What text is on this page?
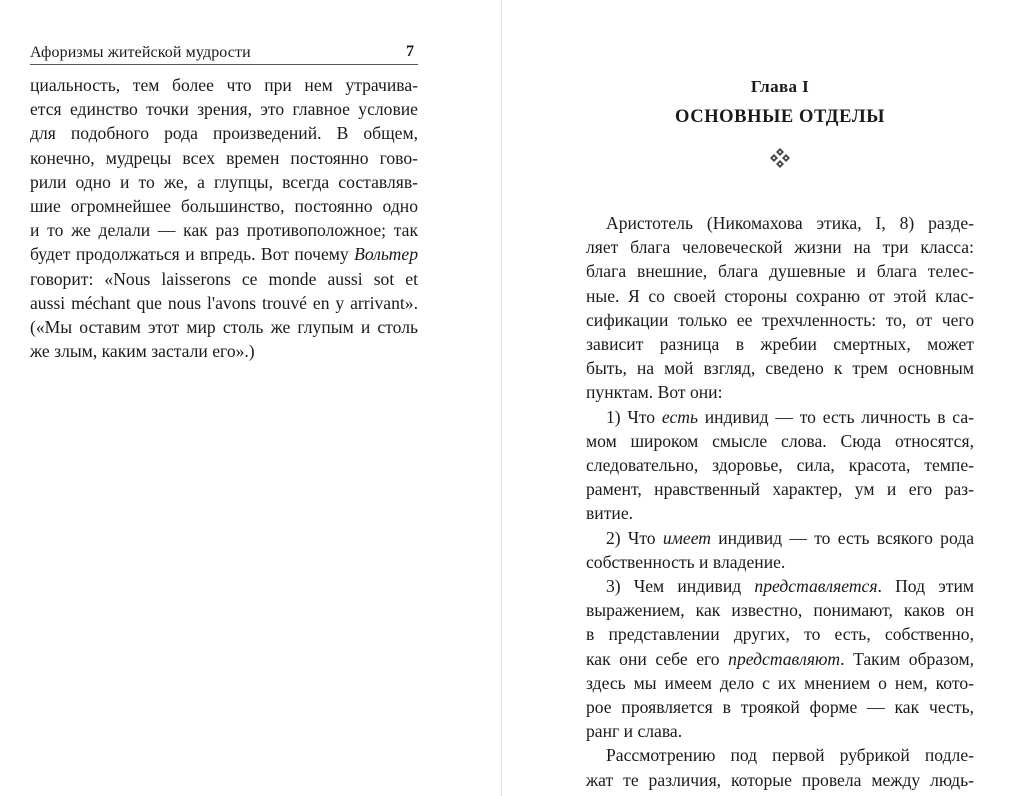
Афоризмы житейской мудрости	7
циальность, тем более что при нем утрачива-
ется единство точки зрения, это главное условие
для подобного рода произведений. В общем,
конечно, мудрецы всех времен постоянно гово-
рили одно и то же, а глупцы, всегда составляв-
шие огромнейшее большинство, постоянно одно
и то же делали — как раз противоположное; так
будет продолжаться и впредь. Вот почему Вольтер
говорит: «Nous laisserons ce monde aussi sot et
aussi méchant que nous l'avons trouvé en y arrivant».
(«Мы оставим этот мир столь же глупым и столь
же злым, каким застали его».)
Глава I
ОСНОВНЫЕ ОТДЕЛЫ
Аристотель (Никомахова этика, I, 8) разде-
ляет блага человеческой жизни на три класса:
блага внешние, блага душевные и блага телес-
ные. Я со своей стороны сохраню от этой клас-
сификации только ее трехчленность: то, от чего
зависит разница в жребии смертных, может
быть, на мой взгляд, сведено к трем основным
пунктам. Вот они:
1) Что есть индивид — то есть личность в са-
мом широком смысле слова. Сюда относятся,
следовательно, здоровье, сила, красота, темпе-
рамент, нравственный характер, ум и его раз-
витие.
2) Что имеет индивид — то есть всякого рода
собственность и владение.
3) Чем индивид представляется. Под этим
выражением, как известно, понимают, каков он
в представлении других, то есть, собственно,
как они себе его представляют. Таким образом,
здесь мы имеем дело с их мнением о нем, кото-
рое проявляется в троякой форме — как честь,
ранг и слава.
Рассмотрению под первой рубрикой подле-
жат те различия, которые провела между людь-
